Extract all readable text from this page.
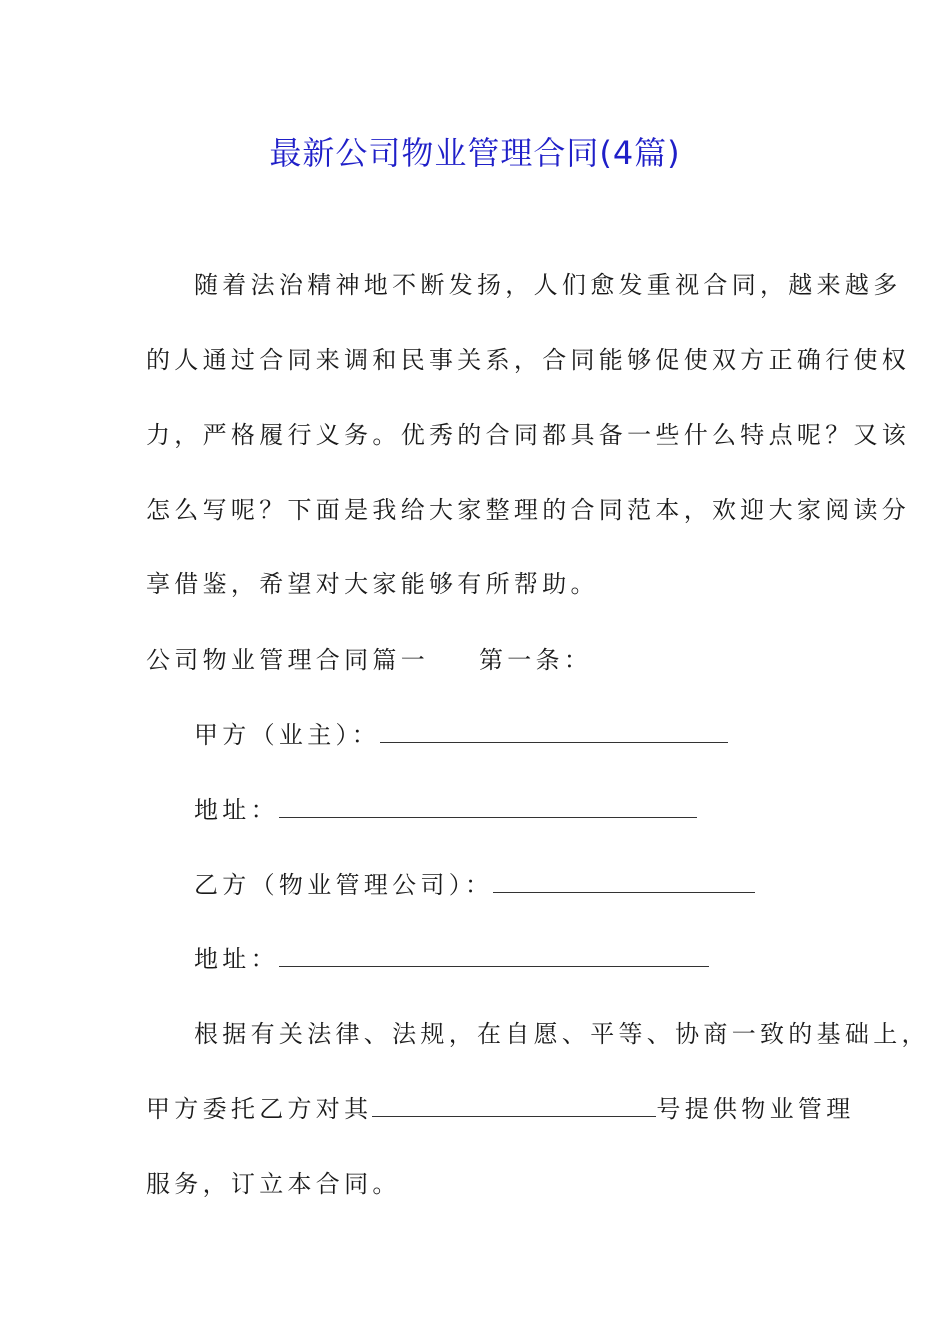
最新公司物业管理合同(4篇)
随着法治精神地不断发扬，人们愈发重视合同，越来越多
的人通过合同来调和民事关系，合同能够促使双方正确行使权
力，严格履行义务。优秀的合同都具备一些什么特点呢？又该
怎么写呢？下面是我给大家整理的合同范本，欢迎大家阅读分
享借鉴，希望对大家能够有所帮助。
公司物业管理合同篇一 第一条：
甲方（业主）：
地址：
乙方（物业管理公司）：
地址：
根据有关法律、法规，在自愿、平等、协商一致的基础上，
甲方委托乙方对其	号提供物业管理
服务，订立本合同。
